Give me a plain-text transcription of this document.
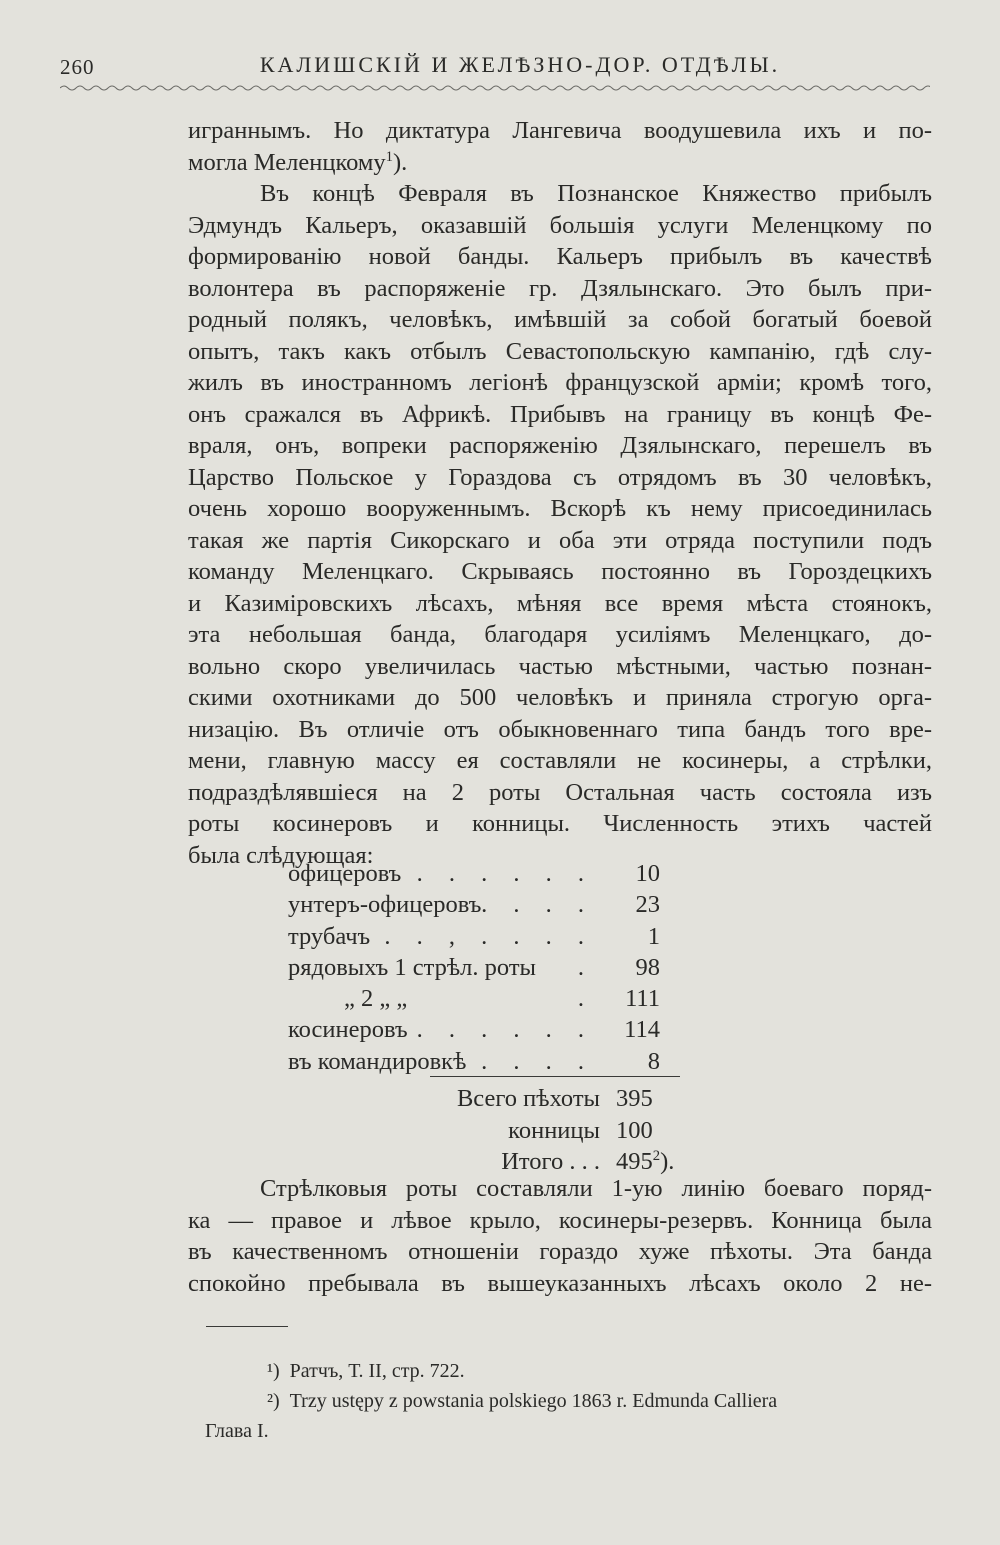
260	КАЛИШСКІЙ И ЖЕЛѢЗНО-ДОР. ОТДѢЛЫ.
играннымъ. Но диктатура Лангевича воодушевила ихъ и по-
могла Меленцкому$^1$).
Въ концѣ Февраля въ Познанское Княжество прибылъ
Эдмундъ Кальеръ, оказавшій большія услуги Меленцкому по
формированію новой банды. Кальеръ прибылъ въ качествѣ
волонтера въ распоряженіе гр. Дзялынскаго. Это былъ при-
родный полякъ, человѣкъ, имѣвшій за собой богатый боевой
опытъ, такъ какъ отбылъ Севастопольскую кампанію, гдѣ слу-
жилъ въ иностранномъ легіонѣ французской арміи; кромѣ того,
онъ сражался въ Африкѣ. Прибывъ на границу въ концѣ Фе-
враля, онъ, вопреки распоряженію Дзялынскаго, перешелъ въ
Царство Польское у Гораздова съ отрядомъ въ 30 человѣкъ,
очень хорошо вооруженнымъ. Вскорѣ къ нему присоединилась
такая же партія Сикорскаго и оба эти отряда поступили подъ
команду Меленцкаго. Скрываясь постоянно въ Гороздецкихъ
и Казиміровскихъ лѣсахъ, мѣняя все время мѣста стоянокъ,
эта небольшая банда, благодаря усиліямъ Меленцкаго, до-
вольно скоро увеличилась частью мѣстными, частью познан-
скими охотниками до 500 человѣкъ и приняла строгую орга-
низацію. Въ отличіе отъ обыкновеннаго типа бандъ того вре-
мени, главную массу ея составляли не косинеры, а стрѣлки,
подраздѣлявшіеся на 2 роты Остальная часть состояла изъ
роты косинеровъ и конницы. Численность этихъ частей
была слѣдующая:
офицеровъ . . . . . . 10
унтеръ-офицеровъ . . . . 23
трубачъ . . , . . . . 1
рядовыхъ 1 стрѣл. роты . 98
„ 2 „ „	. 111
косинеровъ . . . . . . 114
въ командировкѣ . . . . 8
Всего пѣхоты 395
конницы 100
Итого . . . $495^2$).
Стрѣлковыя роты составляли 1-ую линію боеваго поряд-
ка — правое и лѣвое крыло, косинеры-резервъ. Конница была
въ качественномъ отношеніи гораздо хуже пѣхоты. Эта банда
спокойно пребывала въ вышеуказанныхъ лѣсахъ около 2 не-
¹) Ратчъ, Т. II, стр. 722.
²) Trzy ustępy z powstania polskiego 1863 r. Edmunda Calliera
Глава I.
